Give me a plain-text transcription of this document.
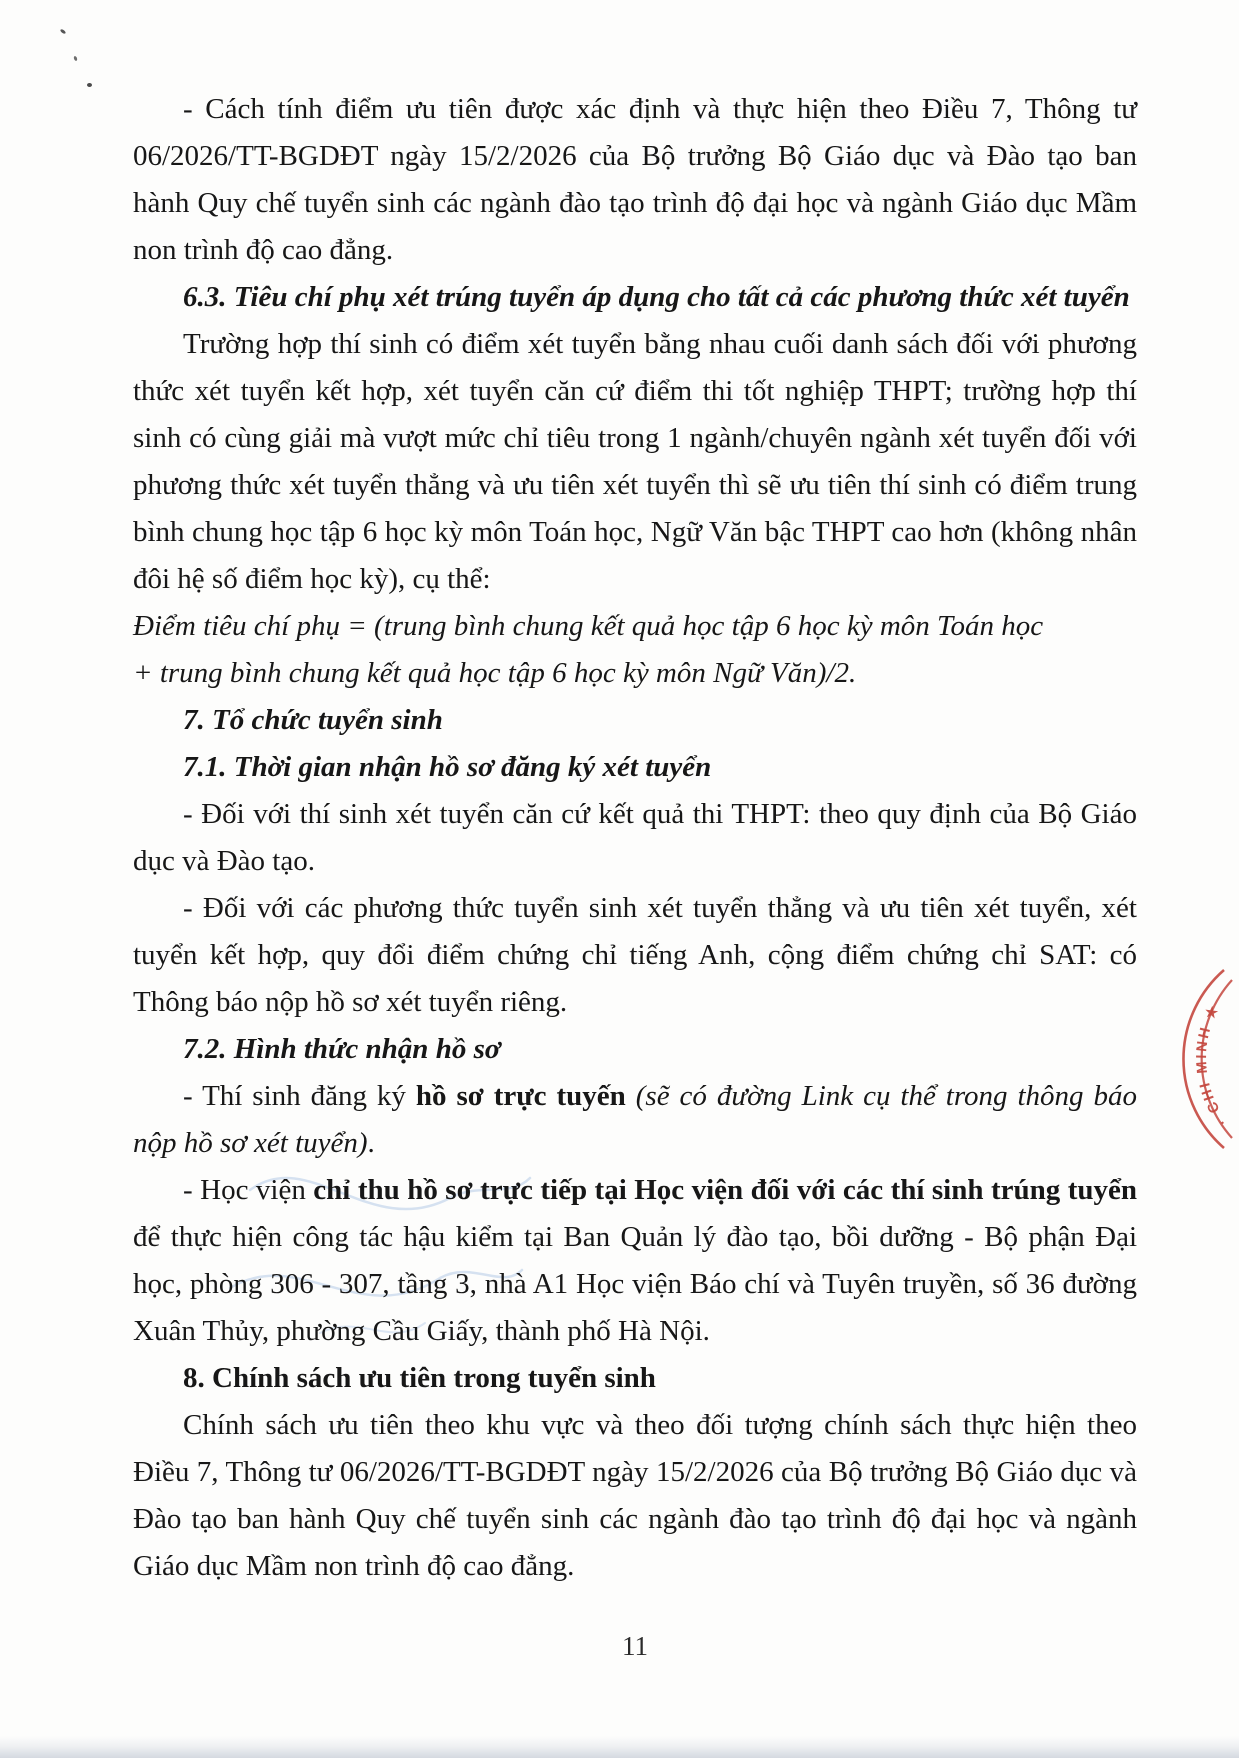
- Cách tính điểm ưu tiên được xác định và thực hiện theo Điều 7, Thông tư 06/2026/TT-BGDĐT ngày 15/2/2026 của Bộ trưởng Bộ Giáo dục và Đào tạo ban hành Quy chế tuyển sinh các ngành đào tạo trình độ đại học và ngành Giáo dục Mầm non trình độ cao đẳng.

6.3. Tiêu chí phụ xét trúng tuyển áp dụng cho tất cả các phương thức xét tuyển

Trường hợp thí sinh có điểm xét tuyển bằng nhau cuối danh sách đối với phương thức xét tuyển kết hợp, xét tuyển căn cứ điểm thi tốt nghiệp THPT; trường hợp thí sinh có cùng giải mà vượt mức chỉ tiêu trong 1 ngành/chuyên ngành xét tuyển đối với phương thức xét tuyển thẳng và ưu tiên xét tuyển thì sẽ ưu tiên thí sinh có điểm trung bình chung học tập 6 học kỳ môn Toán học, Ngữ Văn bậc THPT cao hơn (không nhân đôi hệ số điểm học kỳ), cụ thể:

Điểm tiêu chí phụ = (trung bình chung kết quả học tập 6 học kỳ môn Toán học
+ trung bình chung kết quả học tập 6 học kỳ môn Ngữ Văn)/2.

7. Tổ chức tuyển sinh

7.1. Thời gian nhận hồ sơ đăng ký xét tuyển

- Đối với thí sinh xét tuyển căn cứ kết quả thi THPT: theo quy định của Bộ Giáo dục và Đào tạo.

- Đối với các phương thức tuyển sinh xét tuyển thẳng và ưu tiên xét tuyển, xét tuyển kết hợp, quy đổi điểm chứng chỉ tiếng Anh, cộng điểm chứng chỉ SAT: có Thông báo nộp hồ sơ xét tuyển riêng.

7.2. Hình thức nhận hồ sơ

- Thí sinh đăng ký hồ sơ trực tuyến (sẽ có đường Link cụ thể trong thông báo nộp hồ sơ xét tuyển).

- Học viện chỉ thu hồ sơ trực tiếp tại Học viện đối với các thí sinh trúng tuyển để thực hiện công tác hậu kiểm tại Ban Quản lý đào tạo, bồi dưỡng - Bộ phận Đại học, phòng 306 - 307, tầng 3, nhà A1 Học viện Báo chí và Tuyên truyền, số 36 đường Xuân Thủy, phường Cầu Giấy, thành phố Hà Nội.

8. Chính sách ưu tiên trong tuyển sinh

Chính sách ưu tiên theo khu vực và theo đối tượng chính sách thực hiện theo Điều 7, Thông tư 06/2026/TT-BGDĐT ngày 15/2/2026 của Bộ trưởng Bộ Giáo dục và Đào tạo ban hành Quy chế tuyển sinh các ngành đào tạo trình độ đại học và ngành Giáo dục Mầm non trình độ cao đẳng.

11
· CHI MINH ★
